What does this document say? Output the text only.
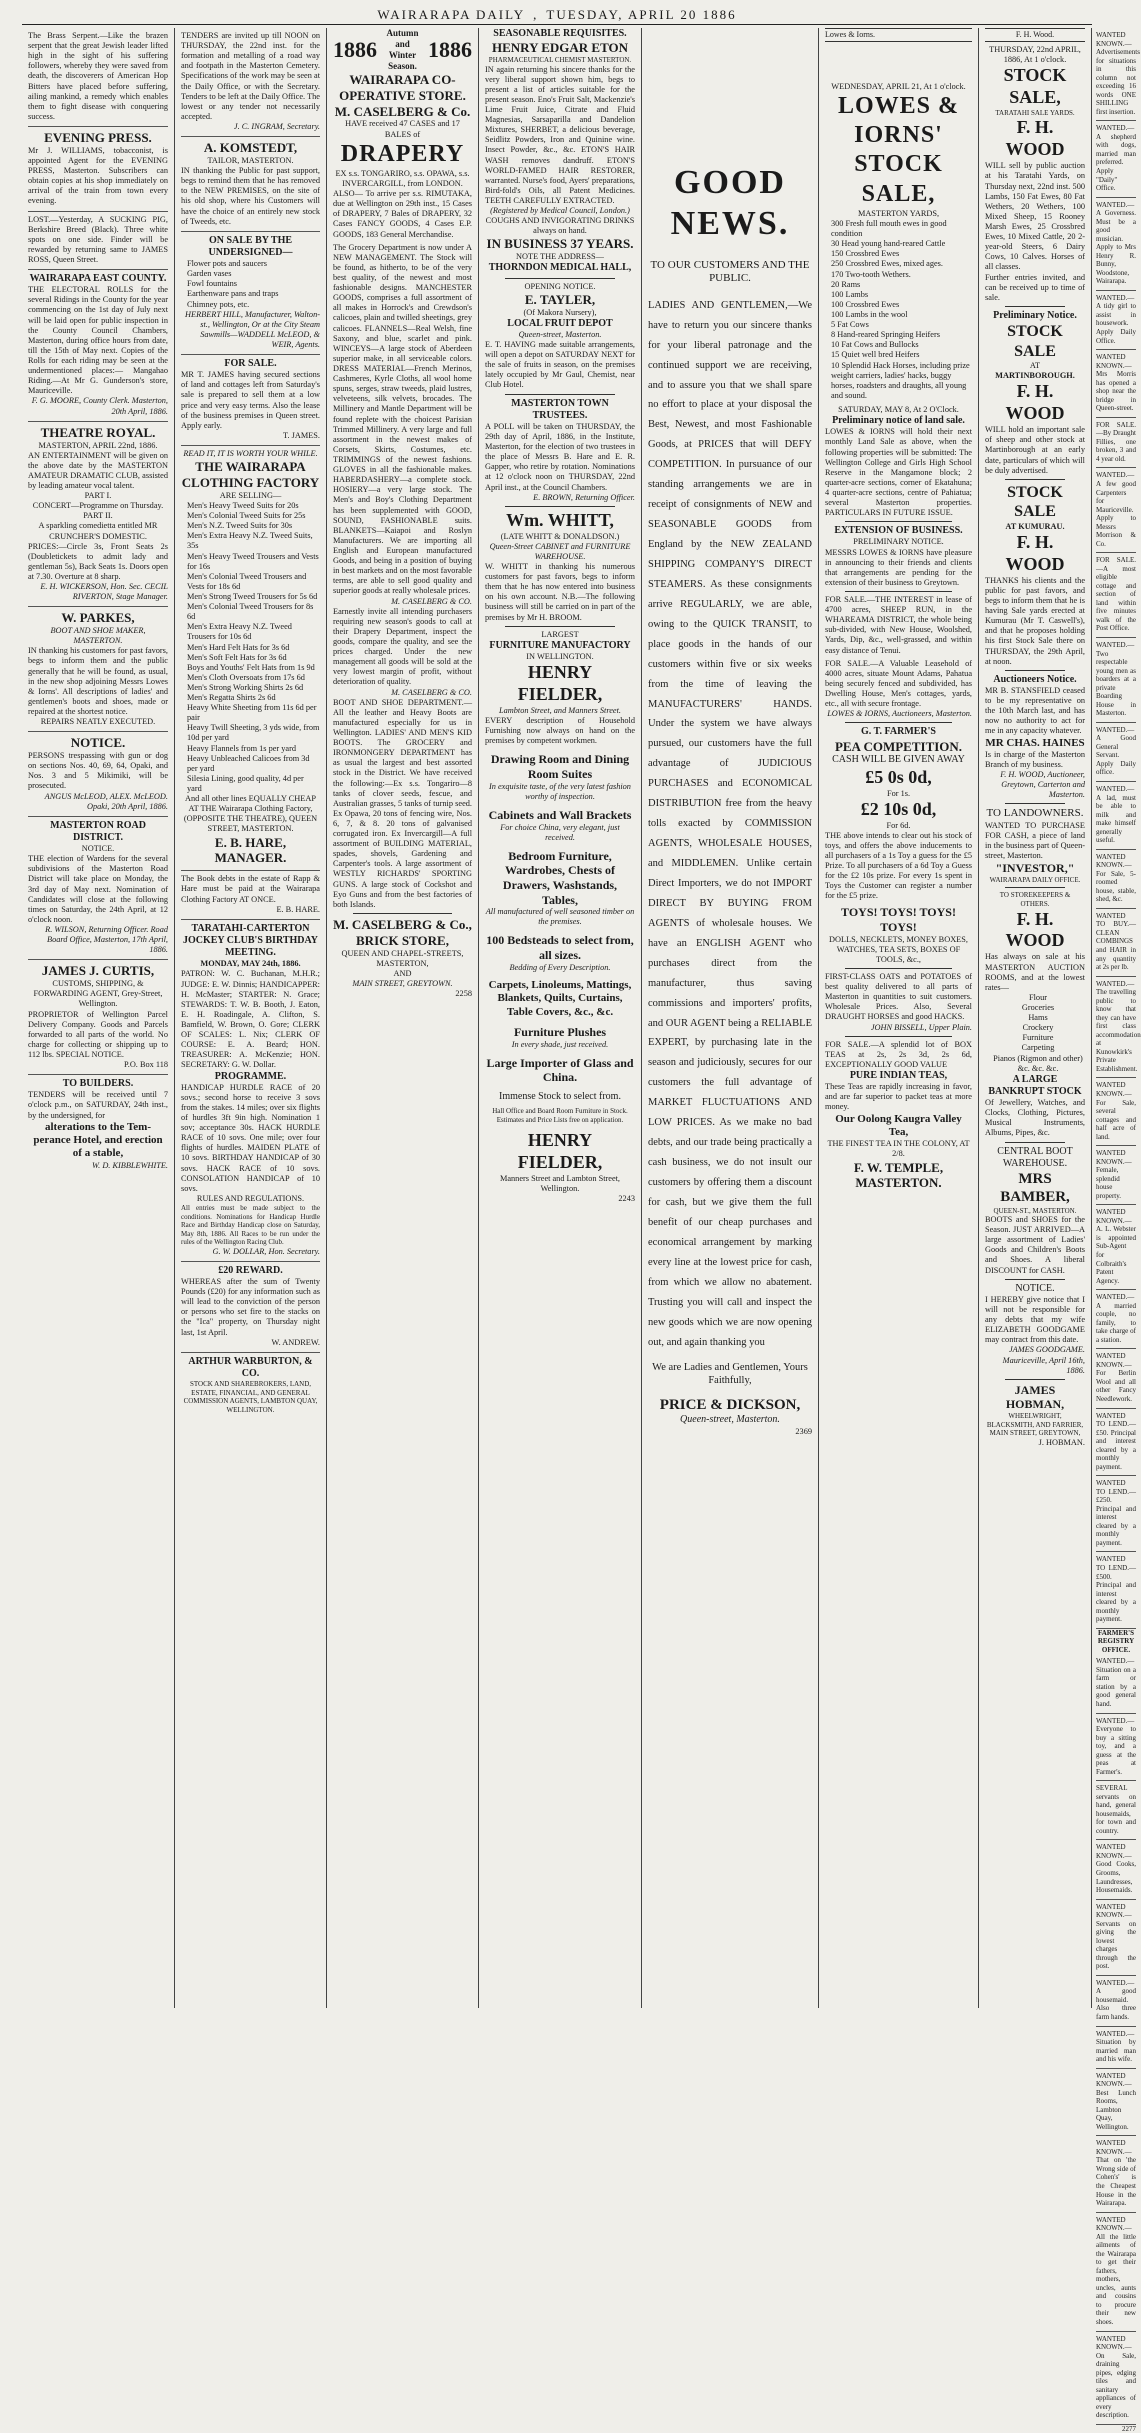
WAIRARAPA DAILY , TUESDAY, APRIL 20 1886
The Brass Serpent.—Like the brazen serpent that the great Jewish leader lifted high in the sight of his suffering followers, whereby they were saved from death, the discoverers of American Hop Bitters have placed before suffering, ailing mankind, a remedy which enables them to fight disease with conquering success.
EVENING PRESS.
Mr J. WILLIAMS, tobacconist, is appointed Agent for the EVENING PRESS, Masterton. Subscribers can obtain copies at his shop immediately on arrival of the train from town every evening.
LOST.—Yesterday, A SUCKING PIG, Berkshire Breed (Black). Three white spots on one side. Finder will be rewarded by returning same to JAMES ROSS, Queen Street.
WAIRARAPA EAST COUNTY.
THE ELECTORAL ROLLS for the several Ridings in the County for the year commencing on the 1st day of July next will be laid open for public inspection in the County Council Chambers, Masterton, during office hours from date, till the 15th of May next. Copies of the Rolls for each riding may be seen at the undermentioned places:— Mangahao Riding.—At Mr G. Gunderson's store, Mauriceville.
F. G. MOORE, County Clerk. Masterton, 20th April, 1886.
THEATRE ROYAL.
MASTERTON, APRIL 22nd, 1886.
AN ENTERTAINMENT will be given on the above date by the MASTERTON AMATEUR DRAMATIC CLUB, assisted by leading amateur vocal talent.
PART I.
CONCERT—Programme on Thursday.
PART II.
A sparkling comedietta entitled MR CRUNCHER'S DOMESTIC.
PRICES:—Circle 3s, Front Seats 2s (Doubletickets to admit lady and gentleman 5s), Back Seats 1s. Doors open at 7.30. Overture at 8 sharp.
E. H. WICKERSON, Hon. Sec. CECIL RIVERTON, Stage Manager.
W. PARKES,
BOOT AND SHOE MAKER, MASTERTON.
IN thanking his customers for past favors, begs to inform them and the public generally that he will be found, as usual, in the new shop adjoining Messrs Lowes & Iorns'. All descriptions of ladies' and gentlemen's boots and shoes, made or repaired at the shortest notice.
REPAIRS NEATLY EXECUTED.
NOTICE.
PERSONS trespassing with gun or dog on sections Nos. 40, 69, 64, Opaki, and Nos. 3 and 5 Mikimiki, will be prosecuted.
ANGUS McLEOD, ALEX. McLEOD. Opaki, 20th April, 1886.
MASTERTON ROAD DISTRICT.
NOTICE.
THE election of Wardens for the several subdivisions of the Masterton Road District will take place on Monday, the 3rd day of May next. Nomination of Candidates will close at the following times on Saturday, the 24th April, at 12 o'clock noon.
R. WILSON, Returning Officer. Road Board Office, Masterton, 17th April, 1886.
JAMES J. CURTIS,
CUSTOMS, SHIPPING, & FORWARDING AGENT, Grey-Street, Wellington.
PROPRIETOR of Wellington Parcel Delivery Company. Goods and Parcels forwarded to all parts of the world. No charge for collecting or shipping up to 112 lbs. SPECIAL NOTICE.
P.O. Box 118
TO BUILDERS.
TENDERS will be received until 7 o'clock p.m., on SATURDAY, 24th inst., by the undersigned, for
alterations to the Tem-perance Hotel, and erection of a stable,
W. D. KIBBLEWHITE.
TENDERS are invited up till NOON on THURSDAY, the 22nd inst. for the formation and metalling of a road way and footpath in the Masterton Cemetery. Specifications of the work may be seen at the Daily Office, or with the Secretary. Tenders to be left at the Daily Office. The lowest or any tender not necessarily accepted.
J. C. INGRAM, Secretary.
A. KOMSTEDT,
TAILOR, MASTERTON.
IN thanking the Public for past support, begs to remind them that he has removed to the NEW PREMISES, on the site of his old shop, where his Customers will have the choice of an entirely new stock of Tweeds, etc.
ON SALE BY THE UNDERSIGNED—
Flower pots and saucers
Garden vases
Fowl fountains
Earthenware pans and traps
Chimney pots, etc.
HERBERT HILL, Manufacturer, Walton-st., Wellington, Or at the City Steam Sawmills—WADDELL McLEOD, & WEIR, Agents.
FOR SALE.
MR T. JAMES having secured sections of land and cottages left from Saturday's sale is prepared to sell them at a low price and very easy terms. Also the lease of the business premises in Queen street. Apply early.
T. JAMES.
READ IT, IT IS WORTH YOUR WHILE.
THE WAIRARAPA CLOTHING FACTORY
ARE SELLING—
Men's Heavy Tweed Suits for 20s
Men's Colonial Tweed Suits for 25s
Men's N.Z. Tweed Suits for 30s
Men's Extra Heavy N.Z. Tweed Suits, 35s
Men's Heavy Tweed Trousers and Vests for 16s
Men's Colonial Tweed Trousers and Vests for 18s 6d
Men's Strong Tweed Trousers for 5s 6d
Men's Colonial Tweed Trousers for 8s 6d
Men's Extra Heavy N.Z. Tweed Trousers for 10s 6d
Men's Hard Felt Hats for 3s 6d
Men's Soft Felt Hats for 3s 6d
Boys and Youths' Felt Hats from 1s 9d
Men's Cloth Oversoats from 17s 6d
Men's Strong Working Shirts 2s 6d
Men's Regatta Shirts 2s 6d
Heavy White Sheeting from 11s 6d per pair
Heavy Twill Sheeting, 3 yds wide, from 10d per yard
Heavy Flannels from 1s per yard
Heavy Unbleached Calicoes from 3d per yard
Silesia Lining, good quality, 4d per yard
And all other lines EQUALLY CHEAP AT THE Wairarapa Clothing Factory, (OPPOSITE THE THEATRE), QUEEN STREET, MASTERTON.
E. B. HARE, MANAGER.
The Book debts in the estate of Rapp & Hare must be paid at the Wairarapa Clothing Factory AT ONCE.
E. B. HARE.
TARATAHI-CARTERTON JOCKEY CLUB'S BIRTHDAY MEETING.
MONDAY, MAY 24th, 1886.
PATRON: W. C. Buchanan, M.H.R.; JUDGE: E. W. Dinnis; HANDICAPPER: H. McMaster; STARTER: N. Grace; STEWARDS: T. W. B. Booth, J. Eaton, E. H. Roadingale, A. Clifton, S. Bamfield, W. Brown, O. Gore; CLERK OF SCALES: L. Nix; CLERK OF COURSE: E. A. Beard; HON. TREASURER: A. McKenzie; HON. SECRETARY: G. W. Dollar.
PROGRAMME.
HANDICAP HURDLE RACE of 20 sovs.; second horse to receive 3 sovs from the stakes. 14 miles; over six flights of hurdles 3ft 9in high. Nomination 1 sov; acceptance 30s. HACK HURDLE RACE of 10 sovs. One mile; over four flights of hurdles. MAIDEN PLATE of 10 sovs. BIRTHDAY HANDICAP of 30 sovs. HACK RACE of 10 sovs. CONSOLATION HANDICAP of 10 sovs.
RULES AND REGULATIONS.
All entries must be made subject to the conditions. Nominations for Handicap Hurdle Race and Birthday Handicap close on Saturday, May 8th, 1886. All Races to be run under the rules of the Wellington Racing Club.
G. W. DOLLAR, Hon. Secretary.
£20 REWARD.
WHEREAS after the sum of Twenty Pounds (£20) for any information such as will lead to the conviction of the person or persons who set fire to the stacks on the "Ica" property, on Thursday night last, 1st April.
W. ANDREW.
ARTHUR WARBURTON, & CO.
STOCK AND SHAREBROKERS, LAND, ESTATE, FINANCIAL, AND GENERAL COMMISSION AGENTS, LAMBTON QUAY, WELLINGTON.
1886
Autumn and Winter Season.
1886
WAIRARAPA CO-OPERATIVE STORE.
M. CASELBERG & Co.
HAVE received 47 CASES and 17 BALES of
DRAPERY
EX s.s. TONGARIRO, s.s. OPAWA, s.s. INVERCARGILL, from LONDON.
ALSO— To arrive per s.s. RIMUTAKA, due at Wellington on 29th inst., 15 Cases of DRAPERY, 7 Bales of DRAPERY, 32 Cases FANCY GOODS, 4 Cases E.P. GOODS, 183 General Merchandise.
The Grocery Department is now under A NEW MANAGEMENT. The Stock will be found, as hitherto, to be of the very best quality, of the newest and most fashionable designs. MANCHESTER GOODS, comprises a full assortment of all makes in Horrock's and Crewdson's calicoes, plain and twilled sheetings, grey calicoes. FLANNELS—Real Welsh, fine Saxony, and blue, scarlet and pink. WINCEYS—A large stock of Aberdeen superior make, in all serviceable colors. DRESS MATERIAL—French Merinos, Cashmeres, Kyrle Cloths, all wool home spuns, serges, straw tweeds, plaid lustres, velveteens, silk velvets, brocades. The Millinery and Mantle Department will be found replete with the choicest Parisian Trimmed Millinery. A very large and full assortment in the newest makes of Corsets, Skirts, Costumes, etc. TRIMMINGS of the newest fashions. GLOVES in all the fashionable makes. HABERDASHERY—a complete stock. HOSIERY—a very large stock. The Men's and Boy's Clothing Department has been supplemented with GOOD, SOUND, FASHIONABLE suits. BLANKETS—Kaiapoi and Roslyn Manufacturers. We are importing all English and European manufactured Goods, and being in a position of buying in best markets and on the most favorable terms, are able to sell good quality and superior goods at really wholesale prices.
M. CASELBERG & CO.
Earnestly invite all intending purchasers requiring new season's goods to call at their Drapery Department, inspect the goods, compare the quality, and see the prices charged. Under the new management all goods will be sold at the very lowest margin of profit, without deterioration of quality.
M. CASELBERG & CO.
BOOT AND SHOE DEPARTMENT.—All the leather and Heavy Boots are manufactured especially for us in Wellington. LADIES' AND MEN'S KID BOOTS. The GROCERY and IRONMONGERY DEPARTMENT has as usual the largest and best assorted stock in the District. We have received the following:—Ex s.s. Tongariro—8 tanks of clover seeds, fescue, and Australian grasses, 5 tanks of turnip seed. Ex Opawa, 20 tons of fencing wire, Nos. 6, 7, & 8. 20 tons of galvanised corrugated iron. Ex Invercargill—A full assortment of BUILDING MATERIAL, spades, shovels, Gardening and Carpenter's tools. A large assortment of WESTLY RICHARDS' SPORTING GUNS. A large stock of Cockshot and Eyo Guns and from the best factories of both Islands.
M. CASELBERG & Co.,
BRICK STORE,
QUEEN AND CHAPEL-STREETS, MASTERTON,
AND
MAIN STREET, GREYTOWN.
2258
SEASONABLE REQUISITES.
HENRY EDGAR ETON
PHARMACEUTICAL CHEMIST MASTERTON.
IN again returning his sincere thanks for the very liberal support shown him, begs to present a list of articles suitable for the present season. Eno's Fruit Salt, Mackenzie's Lime Fruit Juice, Citrate and Fluid Magnesias, Sarsaparilla and Dandelion Mixtures, SHERBET, a delicious beverage, Seidlitz Powders, Iron and Quinine wine. Insect Powder, &c., &c. ETON'S HAIR WASH removes dandruff. ETON'S WORLD-FAMED HAIR RESTORER, warranted. Nurse's food, Ayers' preparations, Bird-fold's Oils, all Patent Medicines. TEETH CAREFULLY EXTRACTED.
(Registered by Medical Council, London.)
COUGHS AND INVIGORATING DRINKS always on hand.
IN BUSINESS 37 YEARS.
NOTE THE ADDRESS—
THORNDON MEDICAL HALL,
OPENING NOTICE.
E. TAYLER,
(Of Makora Nursery),
LOCAL FRUIT DEPOT
Queen-street, Masterton.
E. T. HAVING made suitable arrangements, will open a depot on SATURDAY NEXT for the sale of fruits in season, on the premises lately occupied by Mr Gaul, Chemist, near Club Hotel.
MASTERTON TOWN TRUSTEES.
A POLL will be taken on THURSDAY, the 29th day of April, 1886, in the Institute, Masterton, for the election of two trustees in the place of Messrs B. Hare and E. R. Gapper, who retire by rotation. Nominations at 12 o'clock noon on THURSDAY, 22nd April inst., at the Council Chambers.
E. BROWN, Returning Officer.
Wm. WHITT,
(LATE WHITT & DONALDSON.)
Queen-Street CABINET and FURNITURE WAREHOUSE.
W. WHITT in thanking his numerous customers for past favors, begs to inform them that he has now entered into business on his own account. N.B.—The following business will still be carried on in part of the premises by Mr H. BROOM.
LARGEST
FURNITURE MANUFACTORY
IN WELLINGTON.
HENRY FIELDER,
Lambton Street, and Manners Street.
EVERY description of Household Furnishing now always on hand on the premises by competent workmen.
Drawing Room and Dining Room Suites
In exquisite taste, of the very latest fashion worthy of inspection.
Cabinets and Wall Brackets
For choice China, very elegant, just received.
Bedroom Furniture, Wardrobes, Chests of Drawers, Washstands, Tables,
All manufactured of well seasoned timber on the premises.
100 Bedsteads to select from, all sizes.
Bedding of Every Description.
Carpets, Linoleums, Mattings, Blankets, Quilts, Curtains, Table Covers, &c., &c.
Furniture Plushes
In every shade, just received.
Large Importer of Glass and China.
Immense Stock to select from.
Hall Office and Board Room Furniture in Stock.
Estimates and Price Lists free on application.
HENRY FIELDER,
Manners Street and Lambton Street,
Wellington.
2243
GOOD NEWS.
TO OUR CUSTOMERS AND THE PUBLIC.
LADIES AND GENTLEMEN,—We have to return you our sincere thanks for your liberal patronage and the continued support we are receiving, and to assure you that we shall spare no effort to place at your disposal the Best, Newest, and most Fashionable Goods, at PRICES that will DEFY COMPETITION. In pursuance of our standing arrangements we are in receipt of consignments of NEW and SEASONABLE GOODS from England by the NEW ZEALAND SHIPPING COMPANY'S DIRECT STEAMERS. As these consignments arrive REGULARLY, we are able, owing to the QUICK TRANSIT, to place goods in the hands of our customers within five or six weeks from the time of leaving the MANUFACTURERS' HANDS. Under the system we have always pursued, our customers have the full advantage of JUDICIOUS PURCHASES and ECONOMICAL DISTRIBUTION free from the heavy tolls exacted by COMMISSION AGENTS, WHOLESALE HOUSES, and MIDDLEMEN. Unlike certain Direct Importers, we do not IMPORT DIRECT BY BUYING FROM AGENTS of wholesale houses. We have an ENGLISH AGENT who purchases direct from the manufacturer, thus saving commissions and importers' profits, and OUR AGENT being a RELIABLE EXPERT, by purchasing late in the season and judiciously, secures for our customers the full advantage of MARKET FLUCTUATIONS AND LOW PRICES. As we make no bad debts, and our trade being practically a cash business, we do not insult our customers by offering them a discount for cash, but we give them the full benefit of our cheap purchases and economical arrangement by marking every line at the lowest price for cash, from which we allow no abatement. Trusting you will call and inspect the new goods which we are now opening out, and again thanking you
We are Ladies and Gentlemen, Yours Faithfully,
PRICE & DICKSON,
Queen-street, Masterton.
2369
Lowes & Iorns.
WEDNESDAY, APRIL 21, At 1 o'clock.
LOWES & IORNS' STOCK SALE,
MASTERTON YARDS,
300 Fresh full mouth ewes in good condition
30 Head young hand-reared Cattle
150 Crossbred Ewes
250 Crossbred Ewes, mixed ages.
170 Two-tooth Wethers.
20 Rams
100 Lambs
100 Crossbred Ewes
100 Lambs in the wool
5 Fat Cows
8 Hand-reared Springing Heifers
10 Fat Cows and Bullocks
15 Quiet well bred Heifers
10 Splendid Hack Horses, including prize weight carriers, ladies' hacks, buggy horses, roadsters and draughts, all young and sound.
SATURDAY, MAY 8, At 2 O'Clock.
Preliminary notice of land sale.
LOWES & IORNS will hold their next monthly Land Sale as above, when the following properties will be submitted: The Wellington College and Girls High School Reserve in the Mangamone block; 2 quarter-acre sections, corner of Ekatahuna; 4 quarter-acre sections, centre of Pahiatua; several Masterton properties. PARTICULARS IN FUTURE ISSUE.
EXTENSION OF BUSINESS.
PRELIMINARY NOTICE.
MESSRS LOWES & IORNS have pleasure in announcing to their friends and clients that arrangements are pending for the extension of their business to Greytown.
FOR SALE.—THE INTEREST in lease of 4700 acres, SHEEP RUN, in the WHAREAMA DISTRICT, the whole being sub-divided, with New House, Woolshed, Yards, Dip, &c., well-grassed, and within easy distance of Tenui.
FOR SALE.—A Valuable Leasehold of 4000 acres, situate Mount Adams, Pahatua being securely fenced and subdivided, has Dwelling House, Men's cottages, yards, etc., all with secure frontage.
LOWES & IORNS, Auctioneers, Masterton.
G. T. FARMER'S
PEA COMPETITION.
CASH WILL BE GIVEN AWAY
£5 0s 0d,
For 1s.
£2 10s 0d,
For 6d.
THE above intends to clear out his stock of toys, and offers the above inducements to all purchasers of a 1s Toy a guess for the £5 Prize. To all purchasers of a 6d Toy a Guess for the £2 10s prize. For every 1s spent in Toys the Customer can register a number for the £5 prize.
TOYS! TOYS! TOYS! TOYS!
DOLLS, NECKLETS, MONEY BOXES, WATCHES, TEA SETS, BOXES OF TOOLS, &c.,
FIRST-CLASS OATS and POTATOES of best quality delivered to all parts of Masterton in quantities to suit customers. Wholesale Prices. Also, Several DRAUGHT HORSES and good HACKS.
JOHN BISSELL, Upper Plain.
FOR SALE.—A splendid lot of BOX TEAS at 2s, 2s 3d, 2s 6d, EXCEPTIONALLY GOOD VALUE
PURE INDIAN TEAS,
These Teas are rapidly increasing in favor, and are far superior to packet teas at more money.
Our Oolong Kaugra Valley Tea,
THE FINEST TEA IN THE COLONY, AT 2/8.
F. W. TEMPLE, MASTERTON.
F. H. Wood.
THURSDAY, 22nd APRIL, 1886, At 1 o'clock.
STOCK SALE,
TARATAHI SALE YARDS.
F. H. WOOD
WILL sell by public auction at his Taratahi Yards, on Thursday next, 22nd inst. 500 Lambs, 150 Fat Ewes, 80 Fat Wethers, 20 Wethers, 100 Mixed Sheep, 15 Rooney Marsh Ewes, 25 Crossbred Ewes, 10 Mixed Cattle, 20 2-year-old Steers, 6 Dairy Cows, 10 Calves. Horses of all classes.
Further entries invited, and can be received up to time of sale.
Preliminary Notice.
STOCK SALE
AT
MARTINBOROUGH.
F. H. WOOD
WILL hold an important sale of sheep and other stock at Martinborough at an early date, particulars of which will be duly advertised.
STOCK SALE
AT KUMURAU.
F. H. WOOD
THANKS his clients and the public for past favors, and begs to inform them that he is having Sale yards erected at Kumurau (Mr T. Caswell's), and that he proposes holding his first Stock Sale there on THURSDAY, the 29th April, at noon.
Auctioneers Notice.
MR B. STANSFIELD ceased to be my representative on the 10th March last, and has now no authority to act for me in any capacity whatever.
MR CHAS. HAINES
Is in charge of the Masterton Branch of my business.
F. H. WOOD, Auctioneer, Greytown, Carterton and Masterton.
TO LANDOWNERS.
WANTED TO PURCHASE FOR CASH, a piece of land in the business part of Queen-street, Masterton.
"INVESTOR,"
WAIRARAPA DAILY OFFICE.
TO STOREKEEPERS & OTHERS.
F. H. WOOD
Has always on sale at his MASTERTON AUCTION ROOMS, and at the lowest rates—
Flour
Groceries
Hams
Crockery
Furniture
Carpeting
Pianos (Rigmon and other)
&c. &c. &c.
A LARGE BANKRUPT STOCK
Of Jewellery, Watches, and Clocks, Clothing, Pictures, Musical Instruments, Albums, Pipes, &c.
CENTRAL BOOT WAREHOUSE.
MRS BAMBER,
QUEEN-ST., MASTERTON.
BOOTS and SHOES for the Season. JUST ARRIVED—A large assortment of Ladies' Goods and Children's Boots and Shoes. A liberal DISCOUNT for CASH.
NOTICE.
I HEREBY give notice that I will not be responsible for any debts that my wife ELIZABETH GOODGAME may contract from this date.
JAMES GOODGAME. Mauriceville, April 16th, 1886.
JAMES HOBMAN,
WHEELWRIGHT, BLACKSMITH, AND FARRIER,
MAIN STREET, GREYTOWN,
J. HOBMAN.
WANTED KNOWN.—Advertisements for situations in this column not exceeding 16 words ONE SHILLING first insertion.
WANTED.—A shepherd with dogs, married man preferred. Apply "Daily" Office.
WANTED.—A Governess. Must be a good musician. Apply to Mrs Henry R. Bunny, Woodstone, Wairarapa.
WANTED.—A tidy girl to assist in housework. Apply Daily Office.
WANTED KNOWN.—Mrs Morris has opened a shop near the bridge in Queen-street.
FOR SALE.—By Draught Fillies, one broken, 3 and 4 year old.
WANTED.—A few good Carpenters for Mauriceville. Apply to Messrs Morrison & Co.
FOR SALE.—A most eligible cottage and section of land within five minutes walk of the Post Office.
WANTED.—Two respectable young men as boarders at a private Boarding House in Masterton.
WANTED.—A Good General Servant. Apply Daily office.
WANTED.—A lad, must be able to milk and make himself generally useful.
WANTED KNOWN.—For Sale, 5-roomed house, stable, shed, &c.
WANTED TO BUY.—CLEAN COMBINGS and HAIR in any quantity at 2s per lb.
WANTED.—The travelling public to know that they can have first class accommodation at Kunowkirk's Private Establishment.
WANTED KNOWN.—For Sale, several cottages and half acre of land.
WANTED KNOWN.—Female, splendid house property.
WANTED KNOWN.—A. L. Webster is appointed Sub-Agent for Colbraith's Patent Agency.
WANTED.—A married couple, no family, to take charge of a station.
WANTED KNOWN.—For Berlin Wool and all other Fancy Needlework.
WANTED TO LEND.—£50. Principal and interest cleared by a monthly payment.
WANTED TO LEND.—£250. Principal and interest cleared by a monthly payment.
WANTED TO LEND.—£500. Principal and interest cleared by a monthly payment.
FARMER'S REGISTRY OFFICE.
WANTED.—Situation on a farm or station by a good general hand.
WANTED.—Everyone to buy a sitting toy, and a guess at the peas at Farmer's.
SEVERAL servants on hand, general housemaids, for town and country.
WANTED KNOWN.—Good Cooks, Grooms, Laundresses, Housemaids.
WANTED KNOWN.—Servants on giving the lowest charges through the post.
WANTED.—A good housemaid. Also three farm hands.
WANTED.—Situation by married man and his wife.
WANTED KNOWN.—Best Lunch Rooms, Lambton Quay, Wellington.
WANTED KNOWN.—That on 'the Wrong side of Cohen's' is the Cheapest House in the Wairarapa.
WANTED KNOWN.—All the little ailments of the Wairarapa to get their fathers, mothers, uncles, aunts and cousins to procure their new shoes.
WANTED KNOWN.—On Sale, draining pipes, edging tiles and sanitary appliances of every description.
2277
